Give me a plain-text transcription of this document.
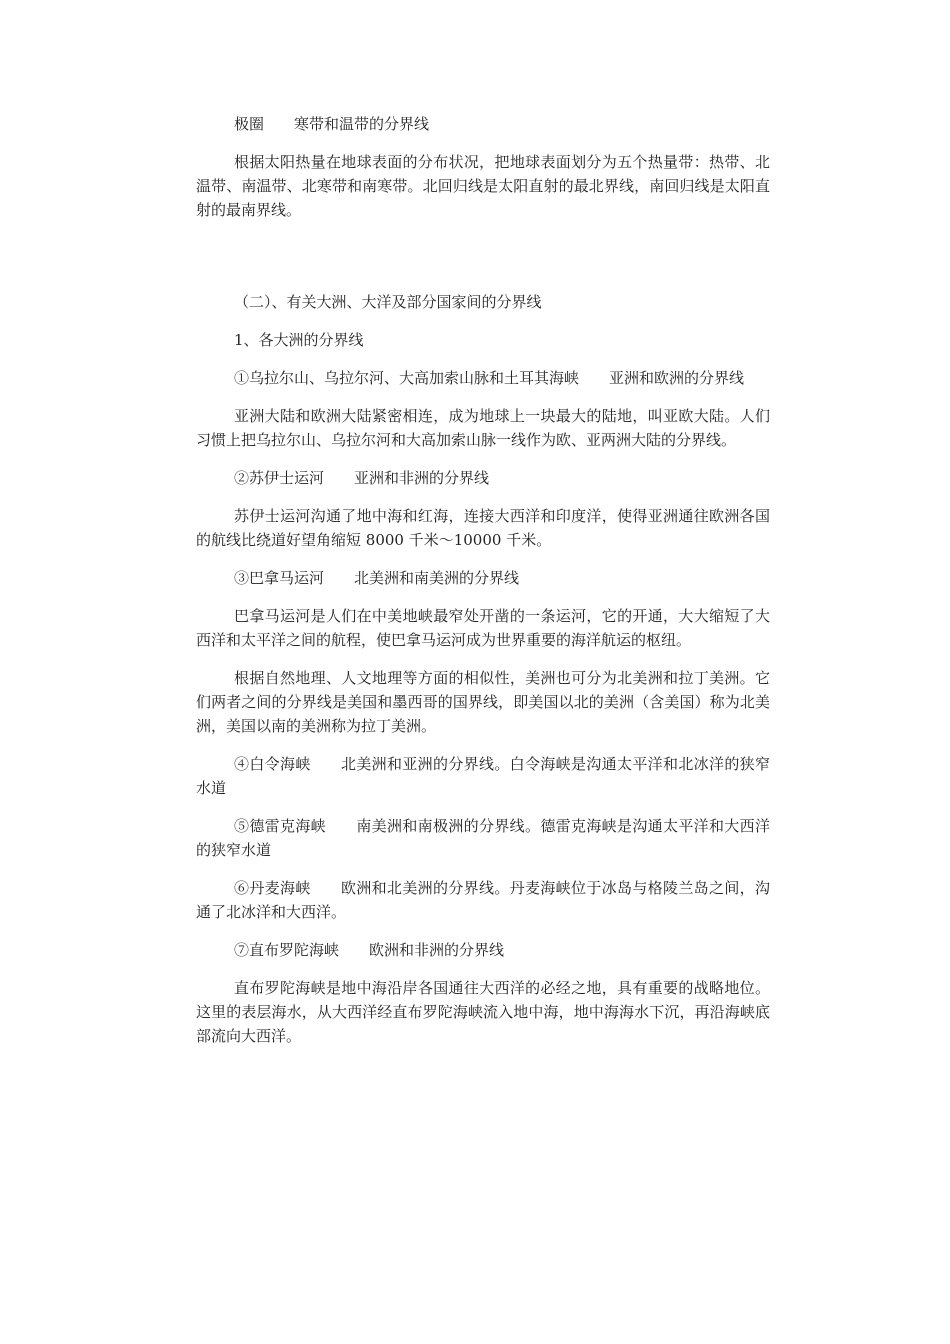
极圈 寒带和温带的分界线

根据太阳热量在地球表面的分布状况，把地球表面划分为五个热量带：热带、北温带、南温带、北寒带和南寒带。北回归线是太阳直射的最北界线，南回归线是太阳直射的最南界线。

（二）、有关大洲、大洋及部分国家间的分界线

1、各大洲的分界线

①乌拉尔山、乌拉尔河、大高加索山脉和土耳其海峡 亚洲和欧洲的分界线

亚洲大陆和欧洲大陆紧密相连，成为地球上一块最大的陆地，叫亚欧大陆。人们习惯上把乌拉尔山、乌拉尔河和大高加索山脉一线作为欧、亚两洲大陆的分界线。

②苏伊士运河 亚洲和非洲的分界线

苏伊士运河沟通了地中海和红海，连接大西洋和印度洋，使得亚洲通往欧洲各国的航线比绕道好望角缩短 8000 千米～10000 千米。

③巴拿马运河 北美洲和南美洲的分界线

巴拿马运河是人们在中美地峡最窄处开凿的一条运河，它的开通，大大缩短了大西洋和太平洋之间的航程，使巴拿马运河成为世界重要的海洋航运的枢纽。

根据自然地理、人文地理等方面的相似性，美洲也可分为北美洲和拉丁美洲。它们两者之间的分界线是美国和墨西哥的国界线，即美国以北的美洲（含美国）称为北美洲，美国以南的美洲称为拉丁美洲。

④白令海峡 北美洲和亚洲的分界线。白令海峡是沟通太平洋和北冰洋的狭窄水道

⑤德雷克海峡 南美洲和南极洲的分界线。德雷克海峡是沟通太平洋和大西洋的狭窄水道

⑥丹麦海峡 欧洲和北美洲的分界线。丹麦海峡位于冰岛与格陵兰岛之间，沟通了北冰洋和大西洋。

⑦直布罗陀海峡 欧洲和非洲的分界线

直布罗陀海峡是地中海沿岸各国通往大西洋的必经之地，具有重要的战略地位。这里的表层海水，从大西洋经直布罗陀海峡流入地中海，地中海海水下沉，再沿海峡底部流向大西洋。
